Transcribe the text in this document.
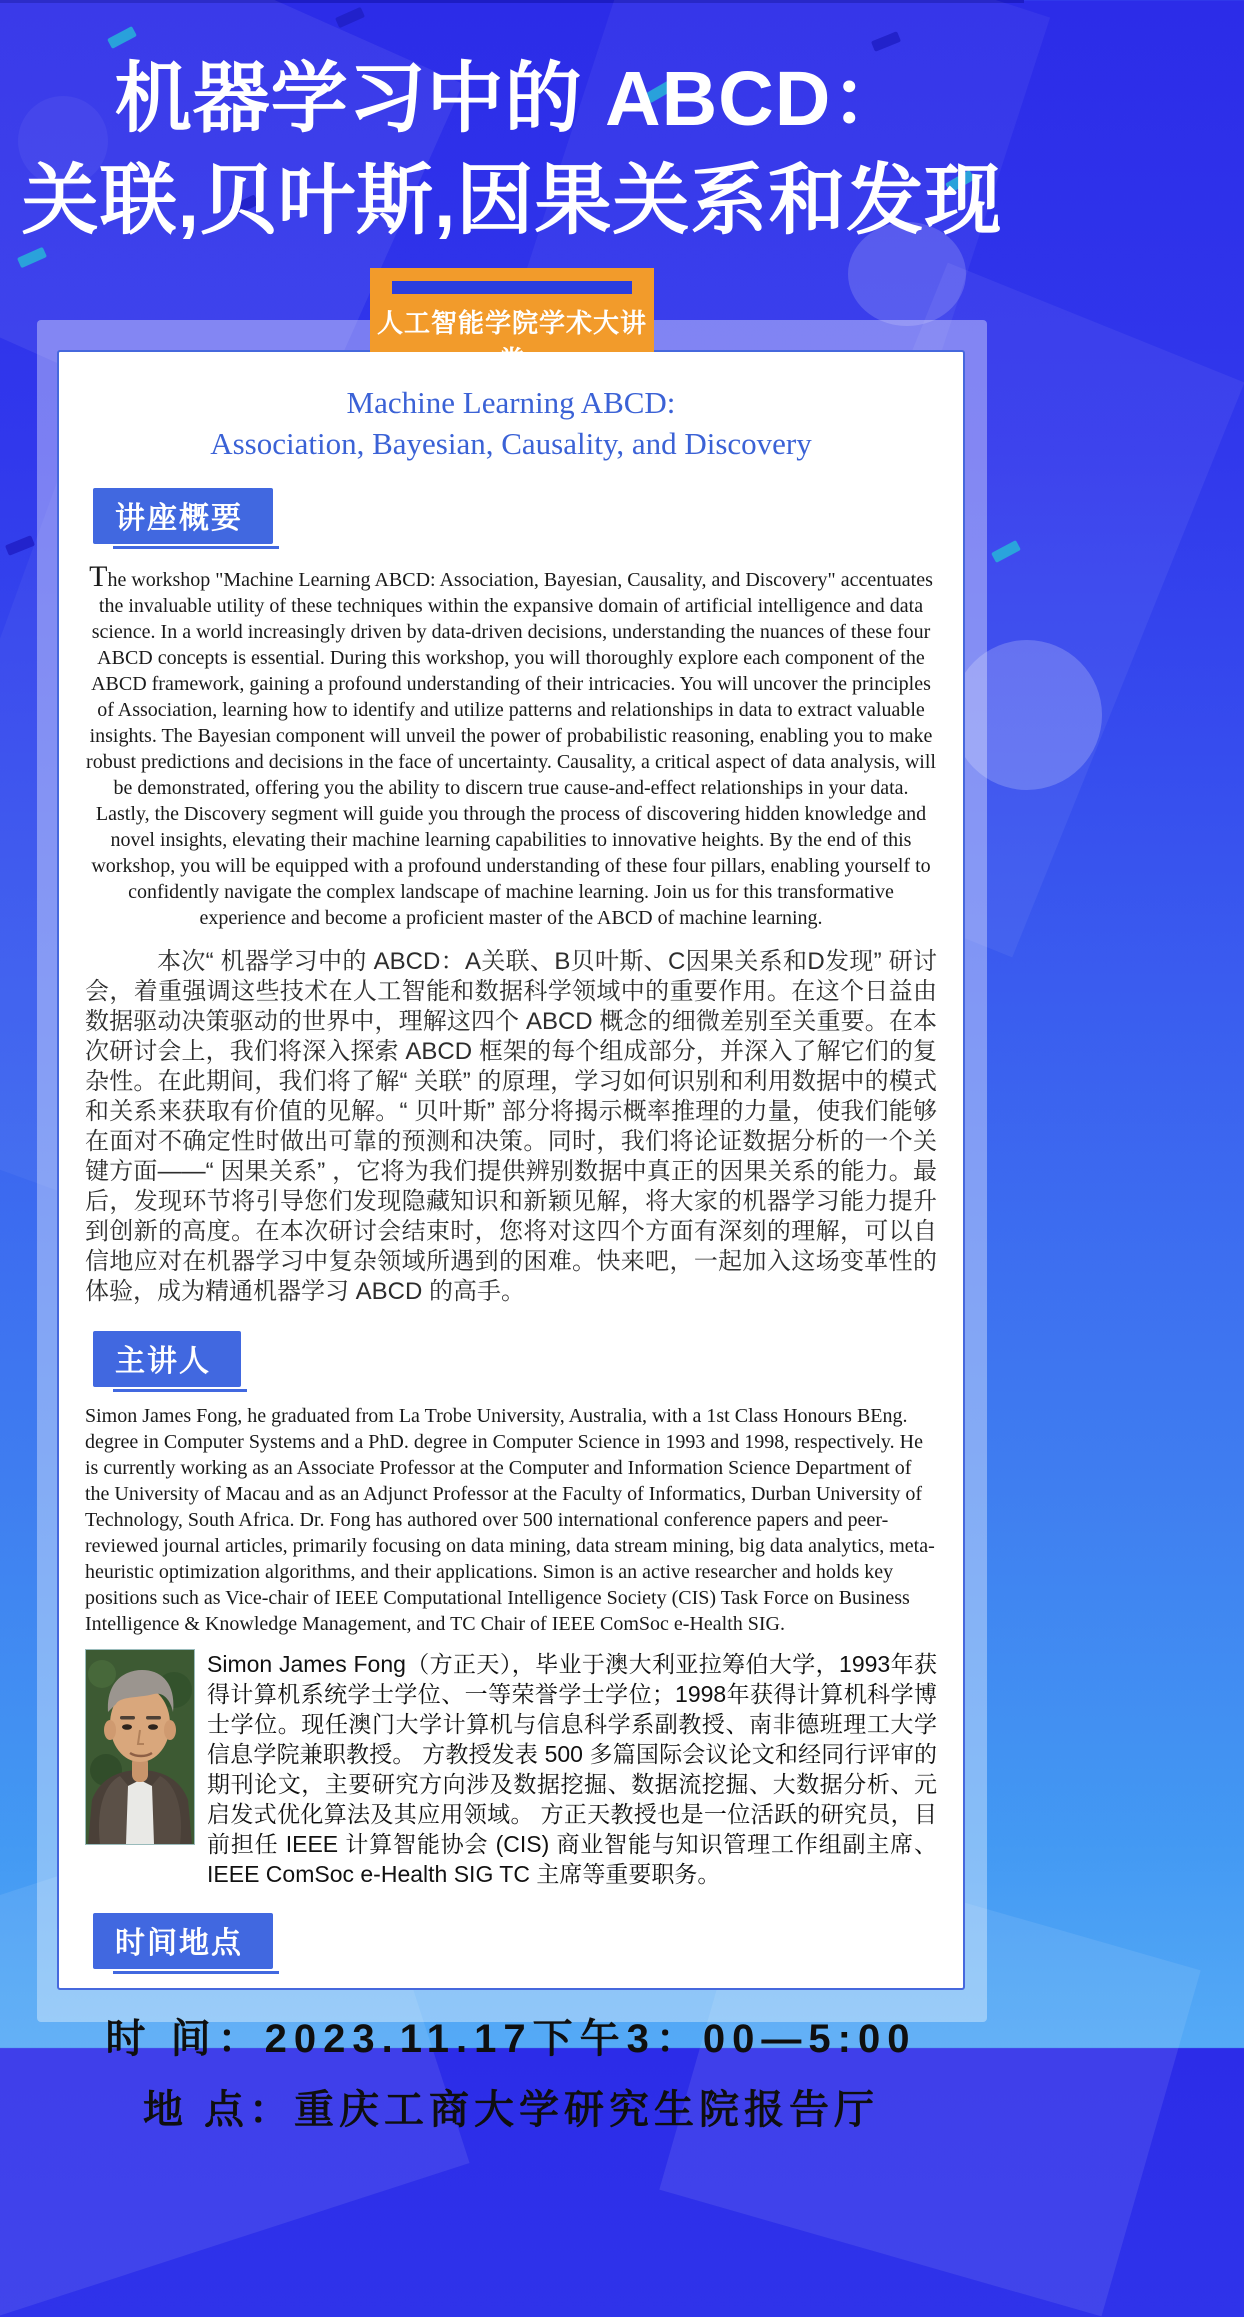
机器学习中的 ABCD：
关联,贝叶斯,因果关系和发现
人工智能学院学术大讲堂
Machine Learning ABCD:
Association, Bayesian, Causality, and Discovery
讲座概要
The workshop "Machine Learning ABCD: Association, Bayesian, Causality, and Discovery" accentuates the invaluable utility of these techniques within the expansive domain of artificial intelligence and data science. In a world increasingly driven by data-driven decisions, understanding the nuances of these four ABCD concepts is essential. During this workshop, you will thoroughly explore each component of the ABCD framework, gaining a profound understanding of their intricacies. You will uncover the principles of Association, learning how to identify and utilize patterns and relationships in data to extract valuable insights. The Bayesian component will unveil the power of probabilistic reasoning, enabling you to make robust predictions and decisions in the face of uncertainty. Causality, a critical aspect of data analysis, will be demonstrated, offering you the ability to discern true cause-and-effect relationships in your data. Lastly, the Discovery segment will guide you through the process of discovering hidden knowledge and novel insights, elevating their machine learning capabilities to innovative heights. By the end of this workshop, you will be equipped with a profound understanding of these four pillars, enabling yourself to confidently navigate the complex landscape of machine learning. Join us for this transformative experience and become a proficient master of the ABCD of machine learning.
本次“ 机器学习中的 ABCD：A关联、B贝叶斯、C因果关系和D发现” 研讨会，着重强调这些技术在人工智能和数据科学领域中的重要作用。在这个日益由数据驱动决策驱动的世界中，理解这四个 ABCD 概念的细微差别至关重要。在本次研讨会上，我们将深入探索 ABCD 框架的每个组成部分，并深入了解它们的复杂性。在此期间，我们将了解“ 关联” 的原理，学习如何识别和利用数据中的模式和关系来获取有价值的见解。“ 贝叶斯” 部分将揭示概率推理的力量，使我们能够在面对不确定性时做出可靠的预测和决策。同时，我们将论证数据分析的一个关键方面——“ 因果关系” ，它将为我们提供辨别数据中真正的因果关系的能力。最后，发现环节将引导您们发现隐藏知识和新颖见解，将大家的机器学习能力提升到创新的高度。在本次研讨会结束时，您将对这四个方面有深刻的理解，可以自信地应对在机器学习中复杂领域所遇到的困难。快来吧，一起加入这场变革性的体验，成为精通机器学习 ABCD 的高手。
主讲人
Simon James Fong, he graduated from La Trobe University, Australia, with a 1st Class Honours BEng. degree in Computer Systems and a PhD. degree in Computer Science in 1993 and 1998, respectively. He is currently working as an Associate Professor at the Computer and Information Science Department of the University of Macau and as an Adjunct Professor at the Faculty of Informatics, Durban University of Technology, South Africa. Dr. Fong has authored over 500 international conference papers and peer-reviewed journal articles, primarily focusing on data mining, data stream mining, big data analytics, meta-heuristic optimization algorithms, and their applications. Simon is an active researcher and holds key positions such as Vice-chair of IEEE Computational Intelligence Society (CIS) Task Force on Business Intelligence & Knowledge Management, and TC Chair of IEEE ComSoc e-Health SIG.
Simon James Fong（方正天），毕业于澳大利亚拉筹伯大学，1993年获得计算机系统学士学位、一等荣誉学士学位；1998年获得计算机科学博士学位。现任澳门大学计算机与信息科学系副教授、南非德班理工大学信息学院兼职教授。 方教授发表 500 多篇国际会议论文和经同行评审的期刊论文，主要研究方向涉及数据挖掘、数据流挖掘、大数据分析、元启发式优化算法及其应用领域。 方正天教授也是一位活跃的研究员，目前担任 IEEE 计算智能协会 (CIS) 商业智能与知识管理工作组副主席、IEEE ComSoc e-Health SIG TC 主席等重要职务。
时间地点
时 间：2023.11.17下午3：00—5:00
地 点：重庆工商大学研究生院报告厅
